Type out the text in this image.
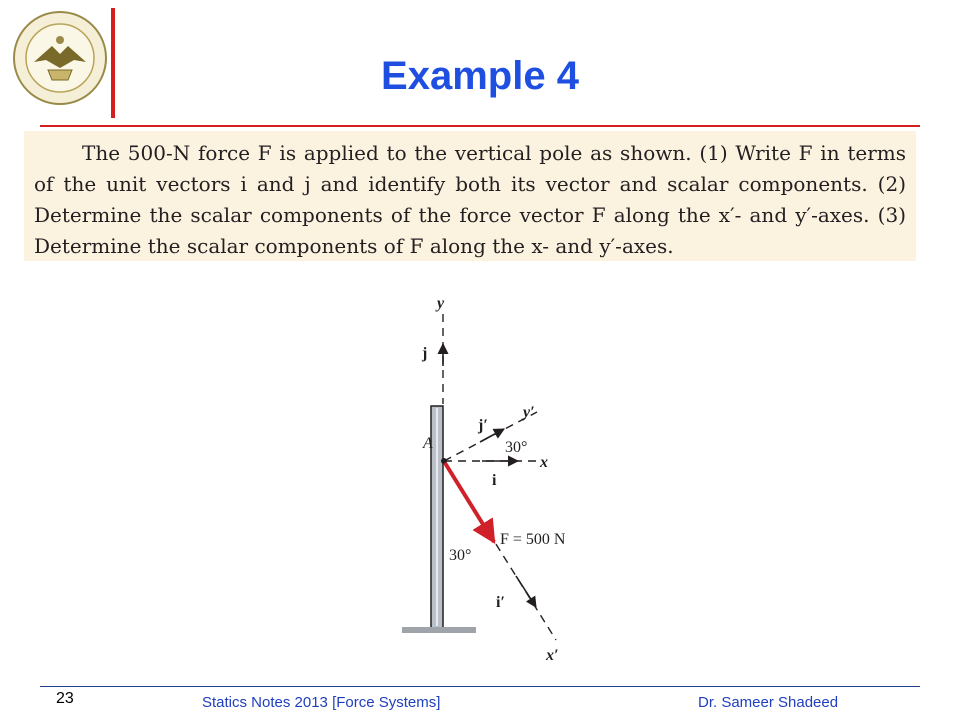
Example 4

The 500-N force F is applied to the vertical pole as shown. (1) Write F in terms of the unit vectors i and j and identify both its vector and scalar components. (2) Determine the scalar components of the force vector F along the x′- and y′-axes. (3) Determine the scalar components of F along the x- and y′-axes.

y
j
j′
y′
A	30°
x
i
F = 500 N
30°
i′
x′
23	Statics Notes 2013 [Force Systems]	Dr. Sameer Shadeed
